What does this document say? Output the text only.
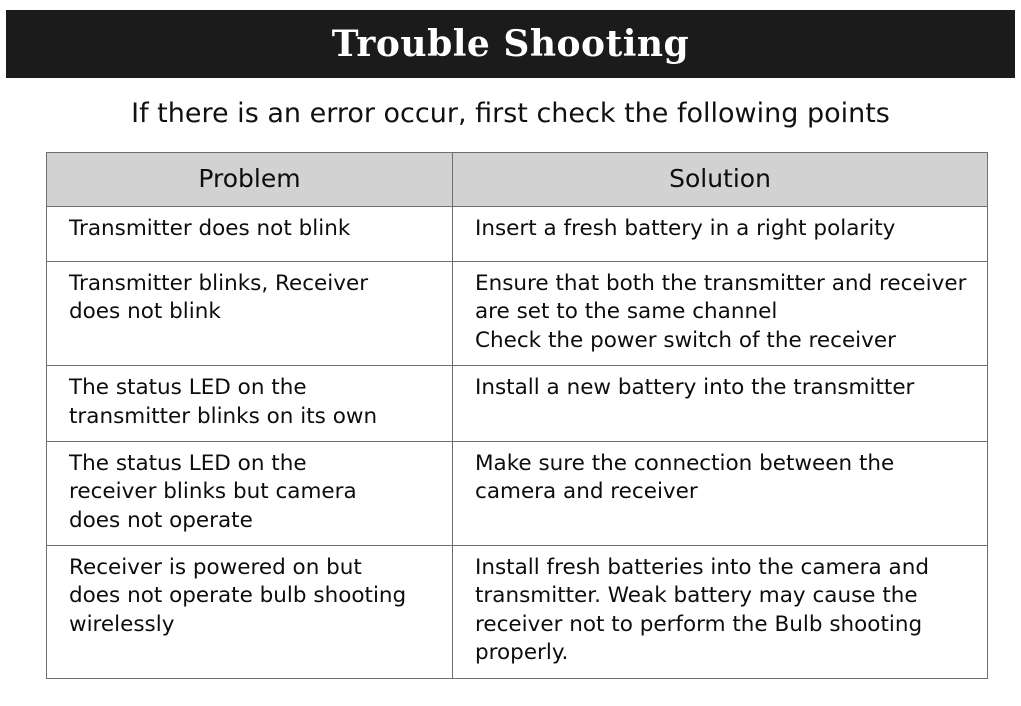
Trouble Shooting
If there is an error occur, first check the following points
Problem	Solution

Transmitter does not blink	Insert a fresh battery in a right polarity

Transmitter blinks, Receiver
does not blink	Ensure that both the transmitter and receiver
are set to the same channel
Check the power switch of the receiver

The status LED on the
transmitter blinks on its own	Install a new battery into the transmitter

The status LED on the
receiver blinks but camera
does not operate	Make sure the connection between the
camera and receiver

Receiver is powered on but
does not operate bulb shooting
wirelessly	Install fresh batteries into the camera and
transmitter. Weak battery may cause the
receiver not to perform the Bulb shooting
properly.
